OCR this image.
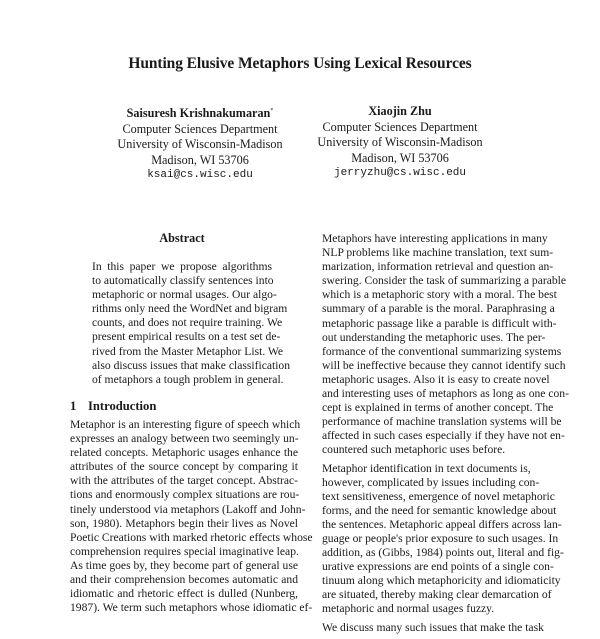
Hunting Elusive Metaphors Using Lexical Resources
Saisuresh Krishnakumaran*
Computer Sciences Department
University of Wisconsin-Madison
Madison, WI 53706
ksai@cs.wisc.edu
Xiaojin Zhu
Computer Sciences Department
University of Wisconsin-Madison
Madison, WI 53706
jerryzhu@cs.wisc.edu
Abstract
In this paper we propose algorithms
to automatically classify sentences into
metaphoric or normal usages. Our algo-
rithms only need the WordNet and bigram
counts, and does not require training. We
present empirical results on a test set de-
rived from the Master Metaphor List. We
also discuss issues that make classification
of metaphors a tough problem in general.
1 Introduction
Metaphor is an interesting figure of speech which
expresses an analogy between two seemingly un-
related concepts. Metaphoric usages enhance the
attributes of the source concept by comparing it
with the attributes of the target concept. Abstrac-
tions and enormously complex situations are rou-
tinely understood via metaphors (Lakoff and John-
son, 1980). Metaphors begin their lives as Novel
Poetic Creations with marked rhetoric effects whose
comprehension requires special imaginative leap.
As time goes by, they become part of general use
and their comprehension becomes automatic and
idiomatic and rhetoric effect is dulled (Nunberg,
1987). We term such metaphors whose idiomatic ef-

Metaphors have interesting applications in many
NLP problems like machine translation, text sum-
marization, information retrieval and question an-
swering. Consider the task of summarizing a parable
which is a metaphoric story with a moral. The best
summary of a parable is the moral. Paraphrasing a
metaphoric passage like a parable is difficult with-
out understanding the metaphoric uses. The per-
formance of the conventional summarizing systems
will be ineffective because they cannot identify such
metaphoric usages. Also it is easy to create novel
and interesting uses of metaphors as long as one con-
cept is explained in terms of another concept. The
performance of machine translation systems will be
affected in such cases especially if they have not en-
countered such metaphoric uses before.

Metaphor identification in text documents is,
however, complicated by issues including con-
text sensitiveness, emergence of novel metaphoric
forms, and the need for semantic knowledge about
the sentences. Metaphoric appeal differs across lan-
guage or people's prior exposure to such usages. In
addition, as (Gibbs, 1984) points out, literal and fig-
urative expressions are end points of a single con-
tinuum along which metaphoricity and idiomaticity
are situated, thereby making clear demarcation of
metaphoric and normal usages fuzzy.

We discuss many such issues that make the task
